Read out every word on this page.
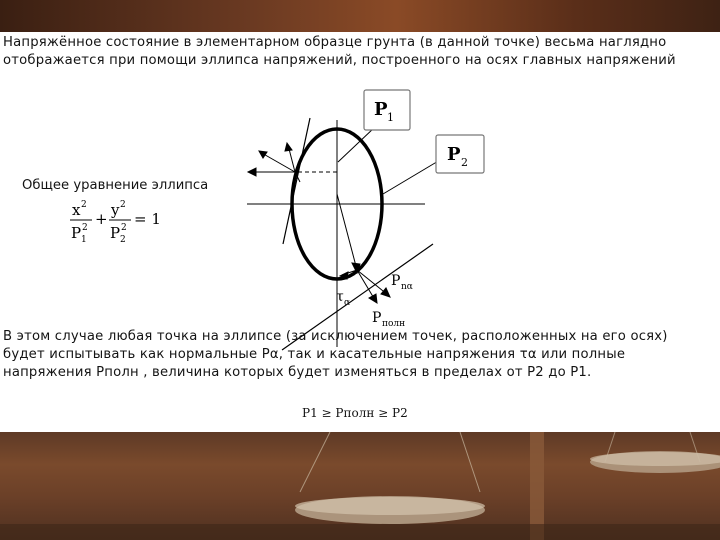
Напряжённое состояние в элементарном образце грунта (в данной точке) весьма наглядно
отображается при помощи эллипса напряжений, построенного на осях главных напряжений

Общее уравнение эллипса

x 2
P 1
2 + y 2
P 2
2 = 1
P 1
P 2
P nα
τ α
P полн
P1 ≥ Pполн ≥ P2

В этом случае любая точка на эллипсе (за исключением точек, расположенных на его осях)
будет испытывать как нормальные Pα, так и касательные напряжения τα или полные
напряжения Pполн , величина которых будет изменяться в пределах от P2 до P1.
